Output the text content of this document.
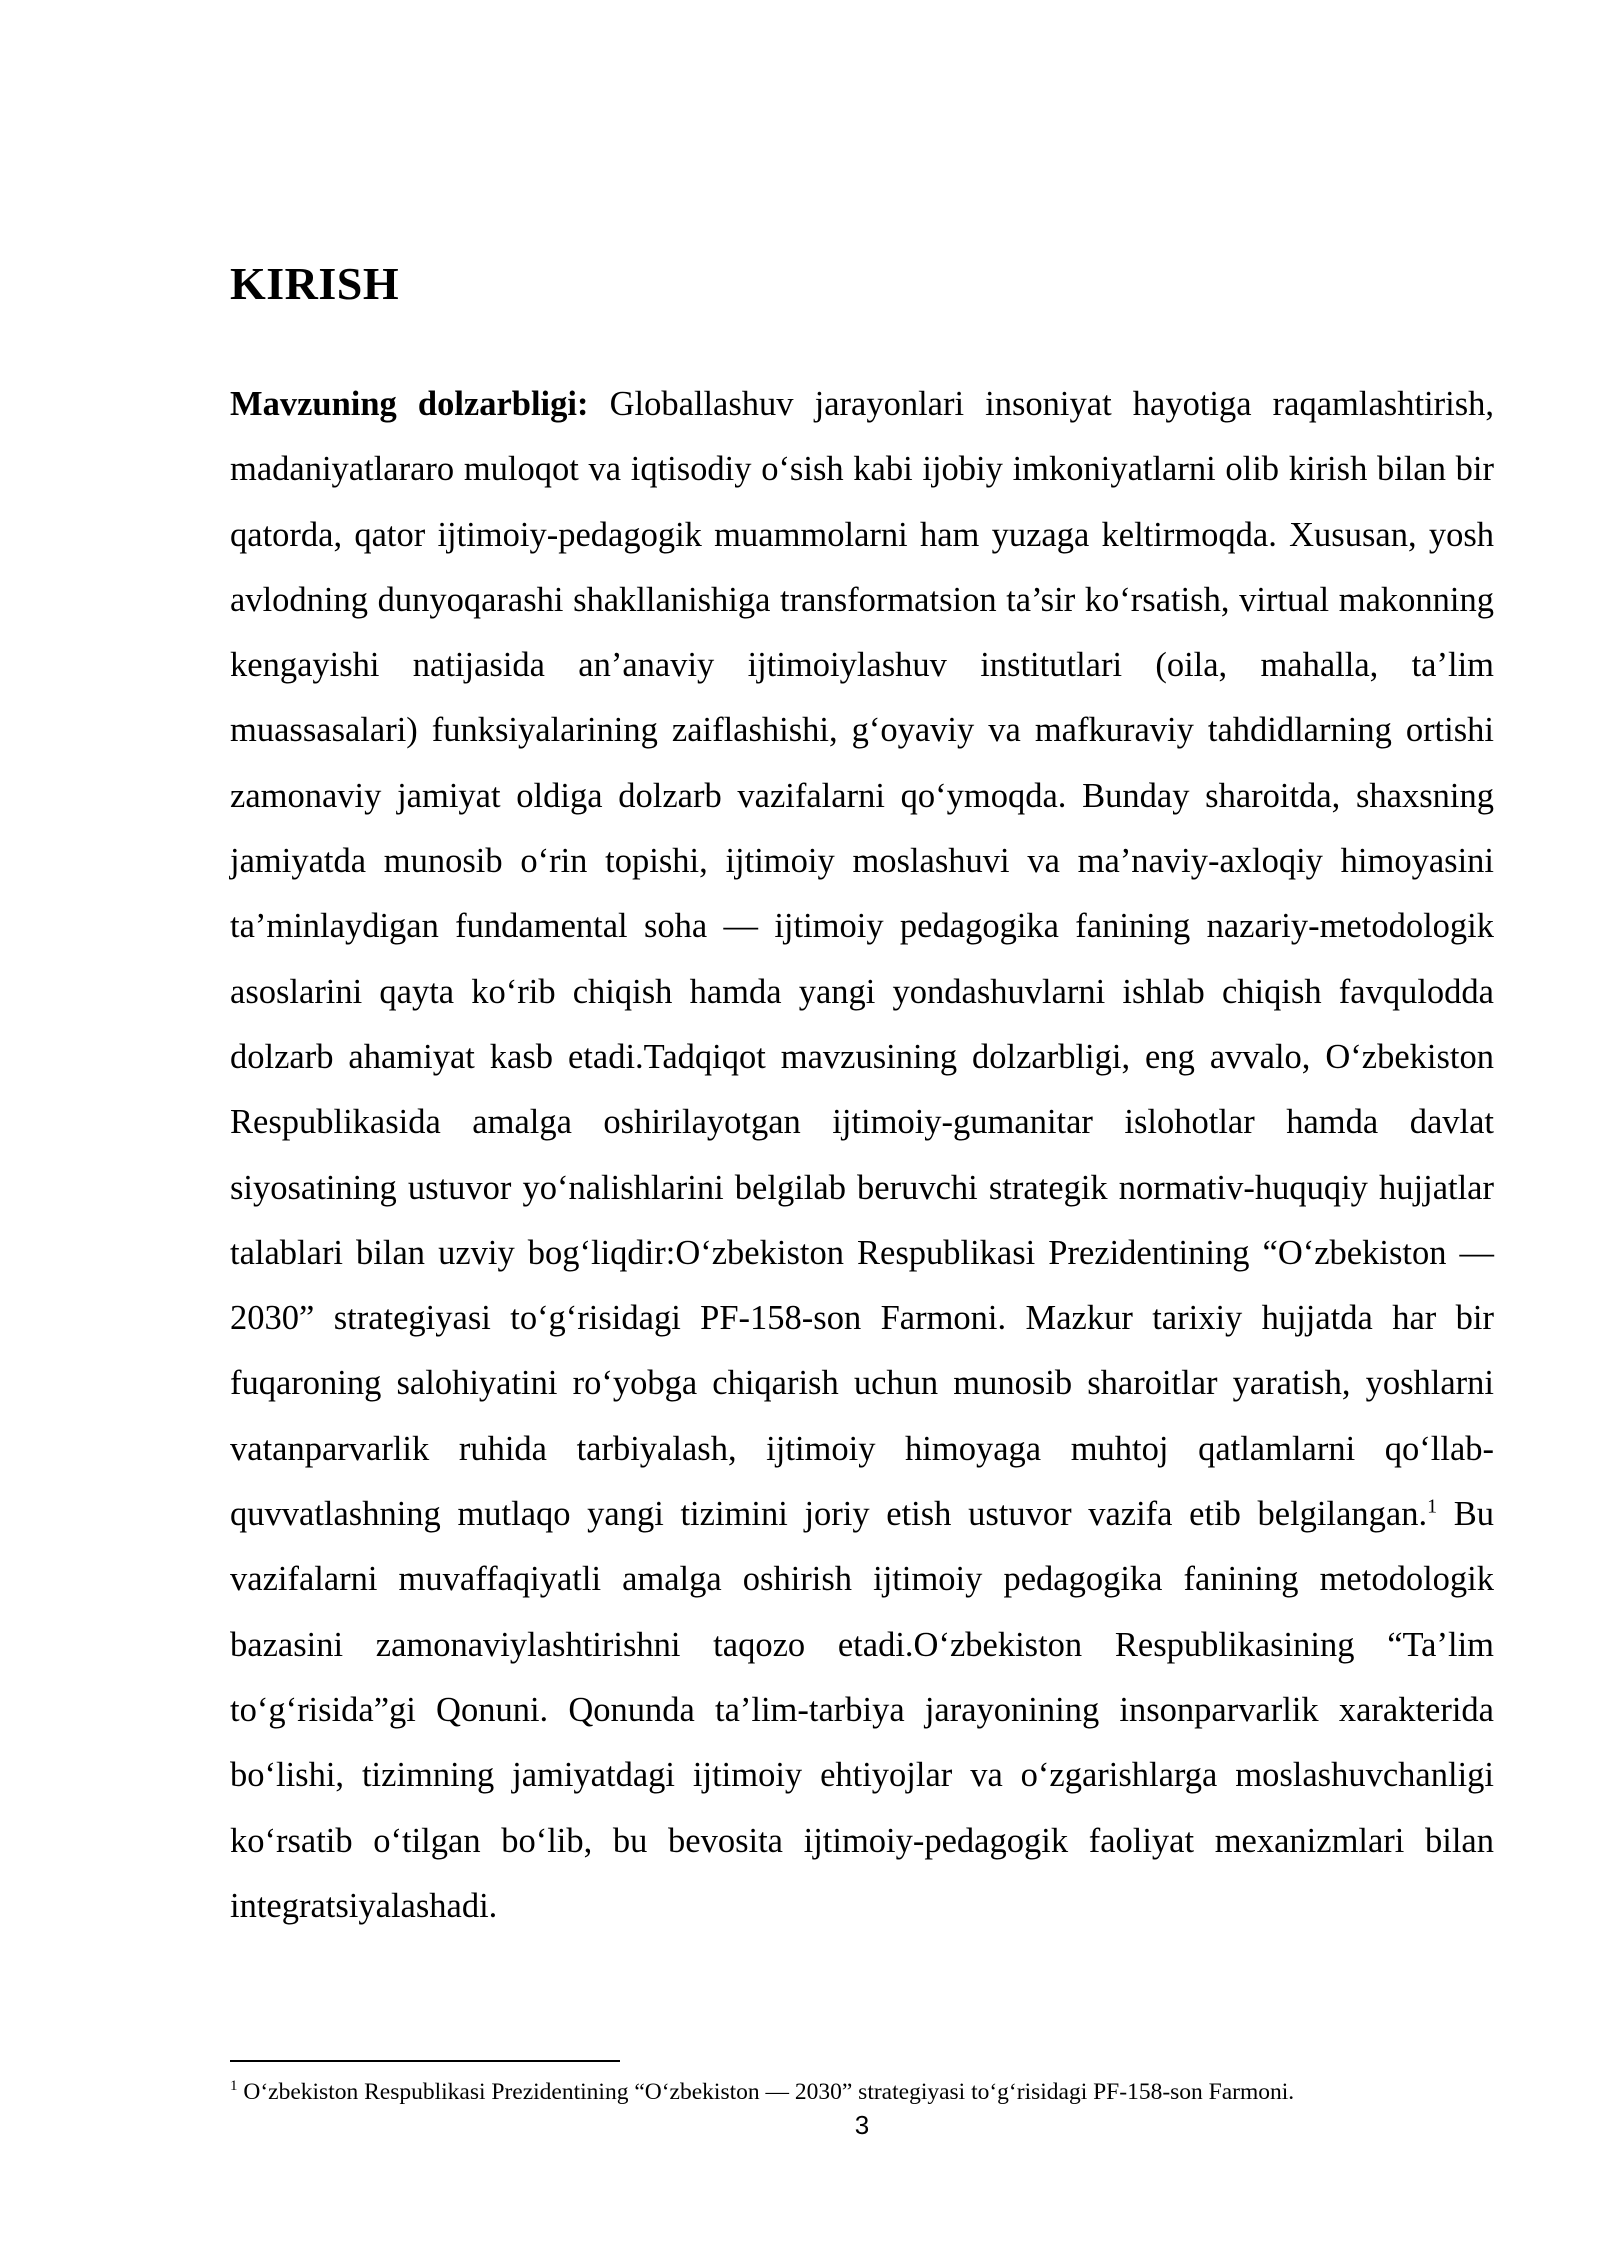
KIRISH

Mavzuning dolzarbligi: Globallashuv jarayonlari insoniyat hayotiga raqamlashtirish, madaniyatlararo muloqot va iqtisodiy o‘sish kabi ijobiy imkoniyatlarni olib kirish bilan bir qatorda, qator ijtimoiy-pedagogik muammolarni ham yuzaga keltirmoqda. Xususan, yosh avlodning dunyoqarashi shakllanishiga transformatsion ta’sir ko‘rsatish, virtual makonning kengayishi natijasida an’anaviy ijtimoiylashuv institutlari (oila, mahalla, ta’lim muassasalari) funksiyalarining zaiflashishi, g‘oyaviy va mafkuraviy tahdidlarning ortishi zamonaviy jamiyat oldiga dolzarb vazifalarni qo‘ymoqda. Bunday sharoitda, shaxsning jamiyatda munosib o‘rin topishi, ijtimoiy moslashuvi va ma’naviy-axloqiy himoyasini ta’minlaydigan fundamental soha — ijtimoiy pedagogika fanining nazariy-metodologik asoslarini qayta ko‘rib chiqish hamda yangi yondashuvlarni ishlab chiqish favqulodda dolzarb ahamiyat kasb etadi.Tadqiqot mavzusining dolzarbligi, eng avvalo, O‘zbekiston Respublikasida amalga oshirilayotgan ijtimoiy-gumanitar islohotlar hamda davlat siyosatining ustuvor yo‘nalishlarini belgilab beruvchi strategik normativ-huquqiy hujjatlar talablari bilan uzviy bog‘liqdir:O‘zbekiston Respublikasi Prezidentining “O‘zbekiston — 2030” strategiyasi to‘g‘risidagi PF-158-son Farmoni. Mazkur tarixiy hujjatda har bir fuqaroning salohiyatini ro‘yobga chiqarish uchun munosib sharoitlar yaratish, yoshlarni vatanparvarlik ruhida tarbiyalash, ijtimoiy himoyaga muhtoj qatlamlarni qo‘llab-quvvatlashning mutlaqo yangi tizimini joriy etish ustuvor vazifa etib belgilangan.$^1$ Bu vazifalarni muvaffaqiyatli amalga oshirish ijtimoiy pedagogika fanining metodologik bazasini zamonaviylashtirishni taqozo etadi.O‘zbekiston Respublikasining “Ta’lim to‘g‘risida”gi Qonuni. Qonunda ta’lim-tarbiya jarayonining insonparvarlik xarakterida bo‘lishi, tizimning jamiyatdagi ijtimoiy ehtiyojlar va o‘zgarishlarga moslashuvchanligi ko‘rsatib o‘tilgan bo‘lib, bu bevosita ijtimoiy-pedagogik faoliyat mexanizmlari bilan integratsiyalashadi.

$^1$ O‘zbekiston Respublikasi Prezidentining “O‘zbekiston — 2030” strategiyasi to‘g‘risidagi PF-158-son Farmoni.

3
